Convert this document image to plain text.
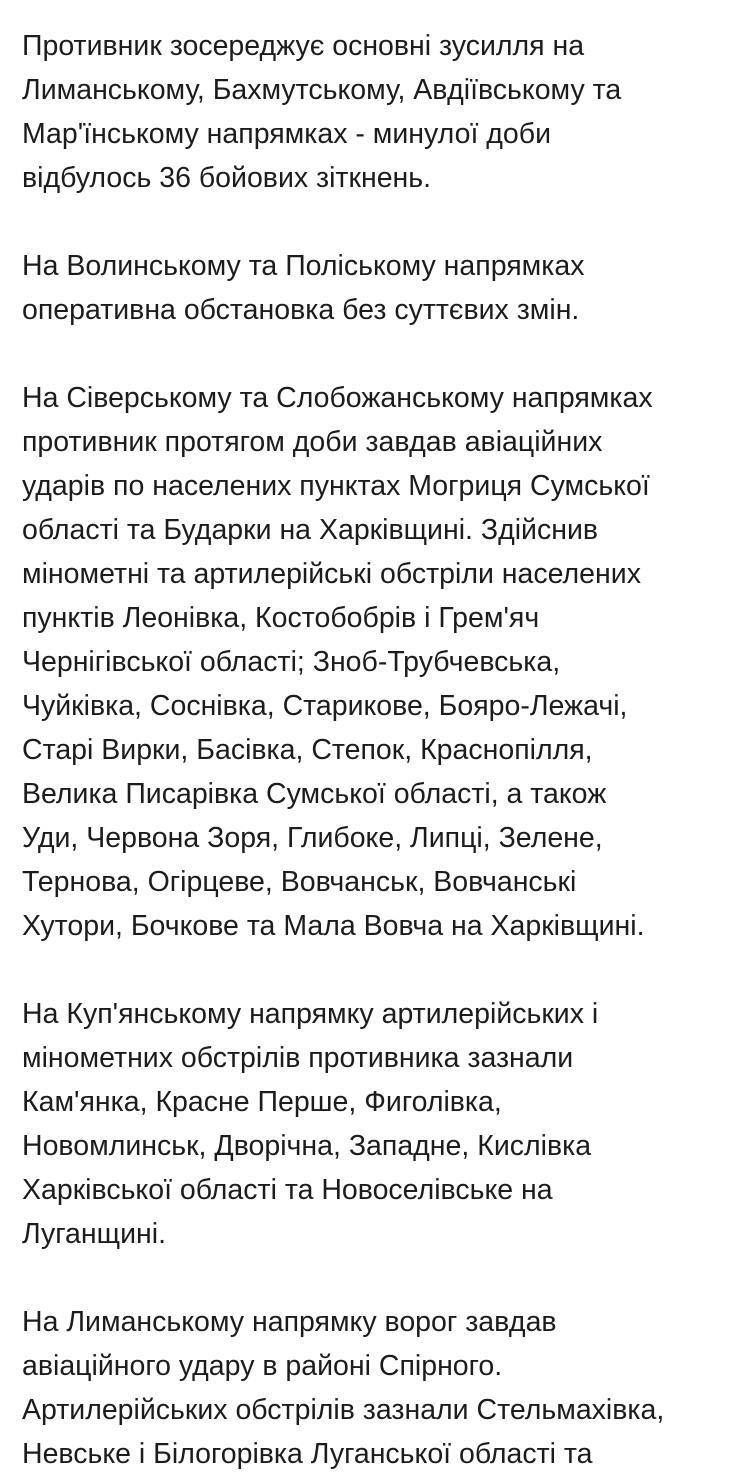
Противник зосереджує основні зусилля на
Лиманському, Бахмутському, Авдіївському та
Мар'їнському напрямках - минулої доби
відбулось 36 бойових зіткнень.

На Волинському та Поліському напрямках
оперативна обстановка без суттєвих змін.

На Сіверському та Слобожанському напрямках
противник протягом доби завдав авіаційних
ударів по населених пунктах Могриця Сумської
області та Бударки на Харківщині. Здійснив
мінометні та артилерійські обстріли населених
пунктів Леонівка, Костобобрів і Грем'яч
Чернігівської області; Зноб-Трубчевська,
Чуйківка, Соснівка, Старикове, Бояро-Лежачі,
Старі Вирки, Басівка, Степок, Краснопілля,
Велика Писарівка Сумської області, а також
Уди, Червона Зоря, Глибоке, Липці, Зелене,
Тернова, Огірцеве, Вовчанськ, Вовчанські
Хутори, Бочкове та Мала Вовча на Харківщині.

На Куп'янському напрямку артилерійських і
мінометних обстрілів противника зазнали
Кам'янка, Красне Перше, Фиголівка,
Новомлинськ, Дворічна, Западне, Кислівка
Харківської області та Новоселівське на
Луганщині.

На Лиманському напрямку ворог завдав
авіаційного удару в районі Спірного.
Артилерійських обстрілів зазнали Стельмахівка,
Невське і Білогорівка Луганської області та
